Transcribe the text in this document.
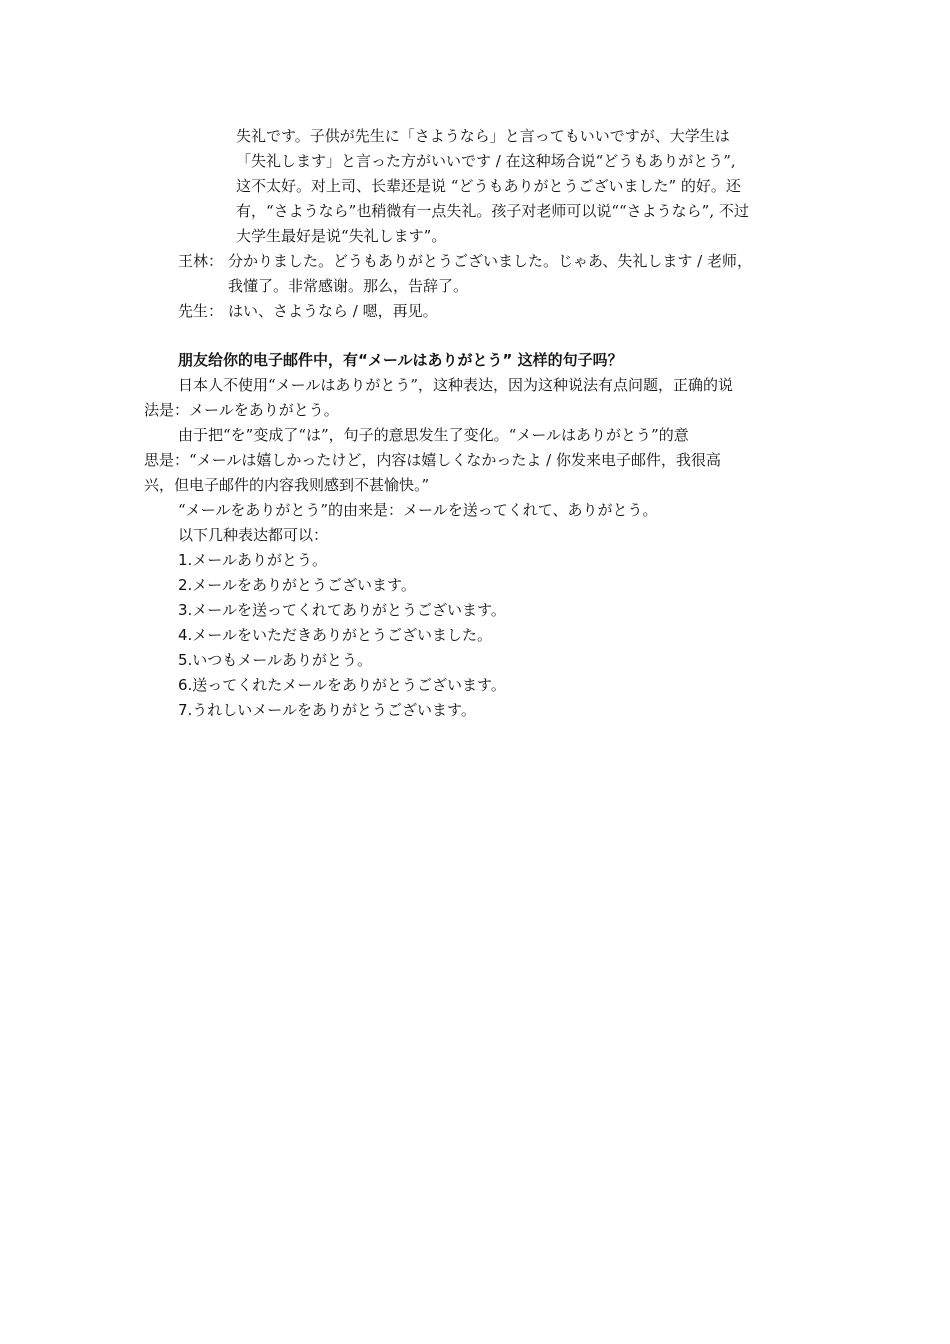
失礼です。子供が先生に「さようなら」と言ってもいいですが、大学生は
「失礼します」と言った方がいいです / 在这种场合说“どうもありがとう”,
这不太好。对上司、长辈还是说 “どうもありがとうございました” 的好。还
有，“さようなら”也稍微有一点失礼。孩子对老师可以说““さようなら”, 不过
大学生最好是说“失礼します”。
王林： 分かりました。どうもありがとうございました。じゃあ、失礼します / 老师，
我懂了。非常感谢。那么，告辞了。
先生： はい、さようなら / 嗯，再见。
朋友给你的电子邮件中，有“メールはありがとう” 这样的句子吗？
日本人不使用“メールはありがとう”，这种表达，因为这种说法有点问题，正确的说
法是：メールをありがとう。
由于把“を”变成了“は”，句子的意思发生了变化。“メールはありがとう”的意
思是：“メールは嬉しかったけど，内容は嬉しくなかったよ / 你发来电子邮件，我很高
兴，但电子邮件的内容我则感到不甚愉快。”
“メールをありがとう”的由来是：メールを送ってくれて、ありがとう。
以下几种表达都可以：
1.メールありがとう。
2.メールをありがとうございます。
3.メールを送ってくれてありがとうございます。
4.メールをいただきありがとうございました。
5.いつもメールありがとう。
6.送ってくれたメールをありがとうございます。
7.うれしいメールをありがとうございます。
